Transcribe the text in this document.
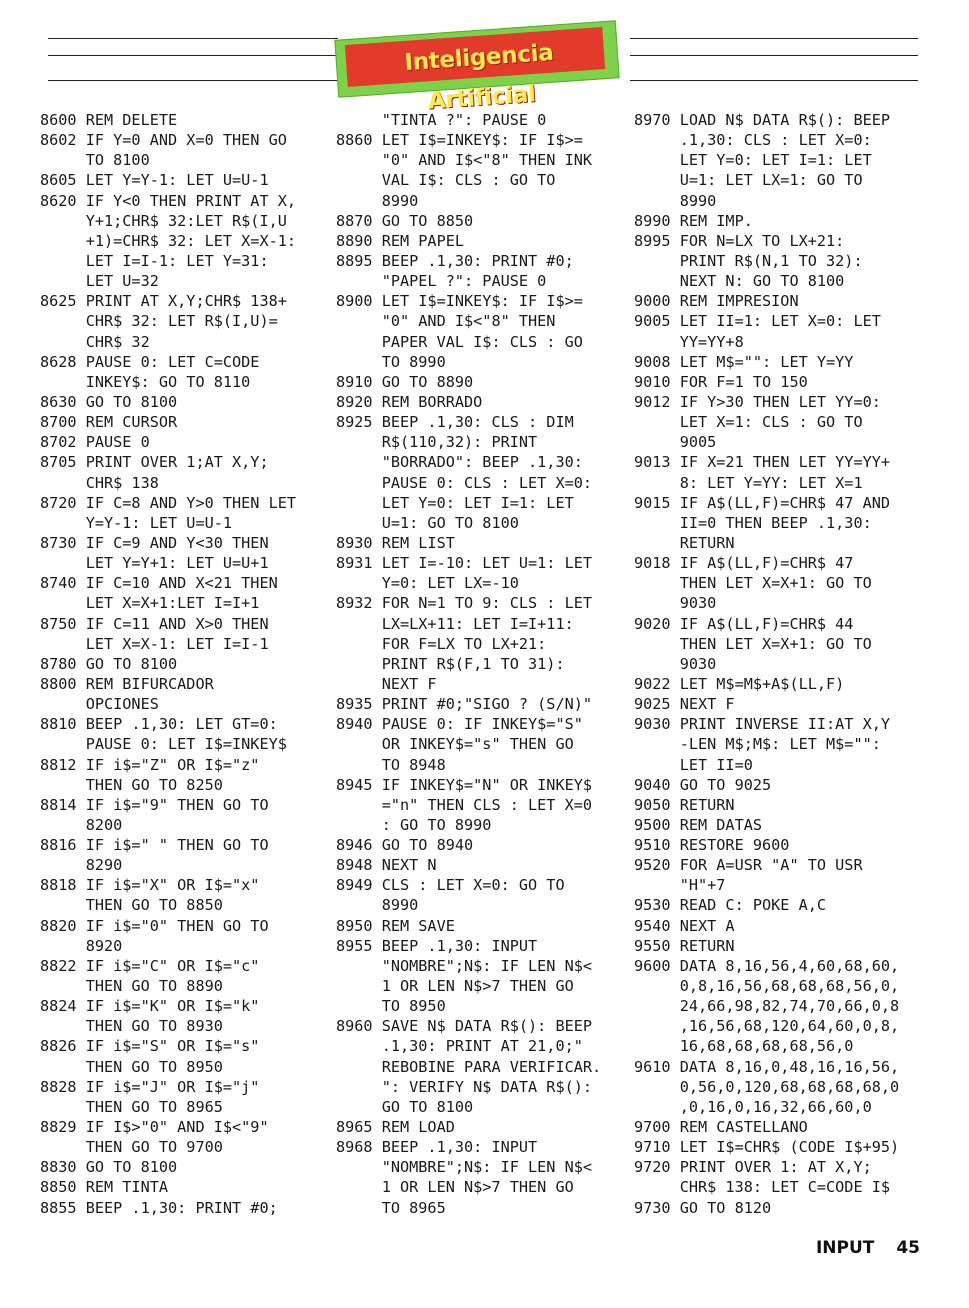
Inteligencia Artificial
8600 REM DELETE
8602 IF Y=0 AND X=0 THEN GO
TO 8100
8605 LET Y=Y-1: LET U=U-1
8620 IF Y<0 THEN PRINT AT X,
Y+1;CHR$ 32:LET R$(I,U
+1)=CHR$ 32: LET X=X-1:
LET I=I-1: LET Y=31:
LET U=32
8625 PRINT AT X,Y;CHR$ 138+
CHR$ 32: LET R$(I,U)=
CHR$ 32
8628 PAUSE 0: LET C=CODE
INKEY$: GO TO 8110
8630 GO TO 8100
8700 REM CURSOR
8702 PAUSE 0
8705 PRINT OVER 1;AT X,Y;
CHR$ 138
8720 IF C=8 AND Y>0 THEN LET
Y=Y-1: LET U=U-1
8730 IF C=9 AND Y<30 THEN
LET Y=Y+1: LET U=U+1
8740 IF C=10 AND X<21 THEN
LET X=X+1:LET I=I+1
8750 IF C=11 AND X>0 THEN
LET X=X-1: LET I=I-1
8780 GO TO 8100
8800 REM BIFURCADOR
OPCIONES
8810 BEEP .1,30: LET GT=0:
PAUSE 0: LET I$=INKEY$
8812 IF i$="Z" OR I$="z"
THEN GO TO 8250
8814 IF i$="9" THEN GO TO
8200
8816 IF i$=" " THEN GO TO
8290
8818 IF i$="X" OR I$="x"
THEN GO TO 8850
8820 IF i$="0" THEN GO TO
8920
8822 IF i$="C" OR I$="c"
THEN GO TO 8890
8824 IF i$="K" OR I$="k"
THEN GO TO 8930
8826 IF i$="S" OR I$="s"
THEN GO TO 8950
8828 IF i$="J" OR I$="j"
THEN GO TO 8965
8829 IF I$>"0" AND I$<"9"
THEN GO TO 9700
8830 GO TO 8100
8850 REM TINTA
8855 BEEP .1,30: PRINT #0;
"TINTA ?": PAUSE 0
8860 LET I$=INKEY$: IF I$>=
"0" AND I$<"8" THEN INK
VAL I$: CLS : GO TO
8990
8870 GO TO 8850
8890 REM PAPEL
8895 BEEP .1,30: PRINT #0;
"PAPEL ?": PAUSE 0
8900 LET I$=INKEY$: IF I$>=
"0" AND I$<"8" THEN
PAPER VAL I$: CLS : GO
TO 8990
8910 GO TO 8890
8920 REM BORRADO
8925 BEEP .1,30: CLS : DIM
R$(110,32): PRINT
"BORRADO": BEEP .1,30:
PAUSE 0: CLS : LET X=0:
LET Y=0: LET I=1: LET
U=1: GO TO 8100
8930 REM LIST
8931 LET I=-10: LET U=1: LET
Y=0: LET LX=-10
8932 FOR N=1 TO 9: CLS : LET
LX=LX+11: LET I=I+11:
FOR F=LX TO LX+21:
PRINT R$(F,1 TO 31):
NEXT F
8935 PRINT #0;"SIGO ? (S/N)"
8940 PAUSE 0: IF INKEY$="S"
OR INKEY$="s" THEN GO
TO 8948
8945 IF INKEY$="N" OR INKEY$
="n" THEN CLS : LET X=0
: GO TO 8990
8946 GO TO 8940
8948 NEXT N
8949 CLS : LET X=0: GO TO
8990
8950 REM SAVE
8955 BEEP .1,30: INPUT
"NOMBRE";N$: IF LEN N$<
1 OR LEN N$>7 THEN GO
TO 8950
8960 SAVE N$ DATA R$(): BEEP
.1,30: PRINT AT 21,0;"
REBOBINE PARA VERIFICAR.
": VERIFY N$ DATA R$():
GO TO 8100
8965 REM LOAD
8968 BEEP .1,30: INPUT
"NOMBRE";N$: IF LEN N$<
1 OR LEN N$>7 THEN GO
TO 8965
8970 LOAD N$ DATA R$(): BEEP
.1,30: CLS : LET X=0:
LET Y=0: LET I=1: LET
U=1: LET LX=1: GO TO
8990
8990 REM IMP.
8995 FOR N=LX TO LX+21:
PRINT R$(N,1 TO 32):
NEXT N: GO TO 8100
9000 REM IMPRESION
9005 LET II=1: LET X=0: LET
YY=YY+8
9008 LET M$="": LET Y=YY
9010 FOR F=1 TO 150
9012 IF Y>30 THEN LET YY=0:
LET X=1: CLS : GO TO
9005
9013 IF X=21 THEN LET YY=YY+
8: LET Y=YY: LET X=1
9015 IF A$(LL,F)=CHR$ 47 AND
II=0 THEN BEEP .1,30:
RETURN
9018 IF A$(LL,F)=CHR$ 47
THEN LET X=X+1: GO TO
9030
9020 IF A$(LL,F)=CHR$ 44
THEN LET X=X+1: GO TO
9030
9022 LET M$=M$+A$(LL,F)
9025 NEXT F
9030 PRINT INVERSE II:AT X,Y
-LEN M$;M$: LET M$="":
LET II=0
9040 GO TO 9025
9050 RETURN
9500 REM DATAS
9510 RESTORE 9600
9520 FOR A=USR "A" TO USR
"H"+7
9530 READ C: POKE A,C
9540 NEXT A
9550 RETURN
9600 DATA 8,16,56,4,60,68,60,
0,8,16,56,68,68,68,56,0,
24,66,98,82,74,70,66,0,8
,16,56,68,120,64,60,0,8,
16,68,68,68,68,56,0
9610 DATA 8,16,0,48,16,16,56,
0,56,0,120,68,68,68,68,0
,0,16,0,16,32,66,60,0
9700 REM CASTELLANO
9710 LET I$=CHR$ (CODE I$+95)
9720 PRINT OVER 1: AT X,Y;
CHR$ 138: LET C=CODE I$
9730 GO TO 8120
INPUT 45
